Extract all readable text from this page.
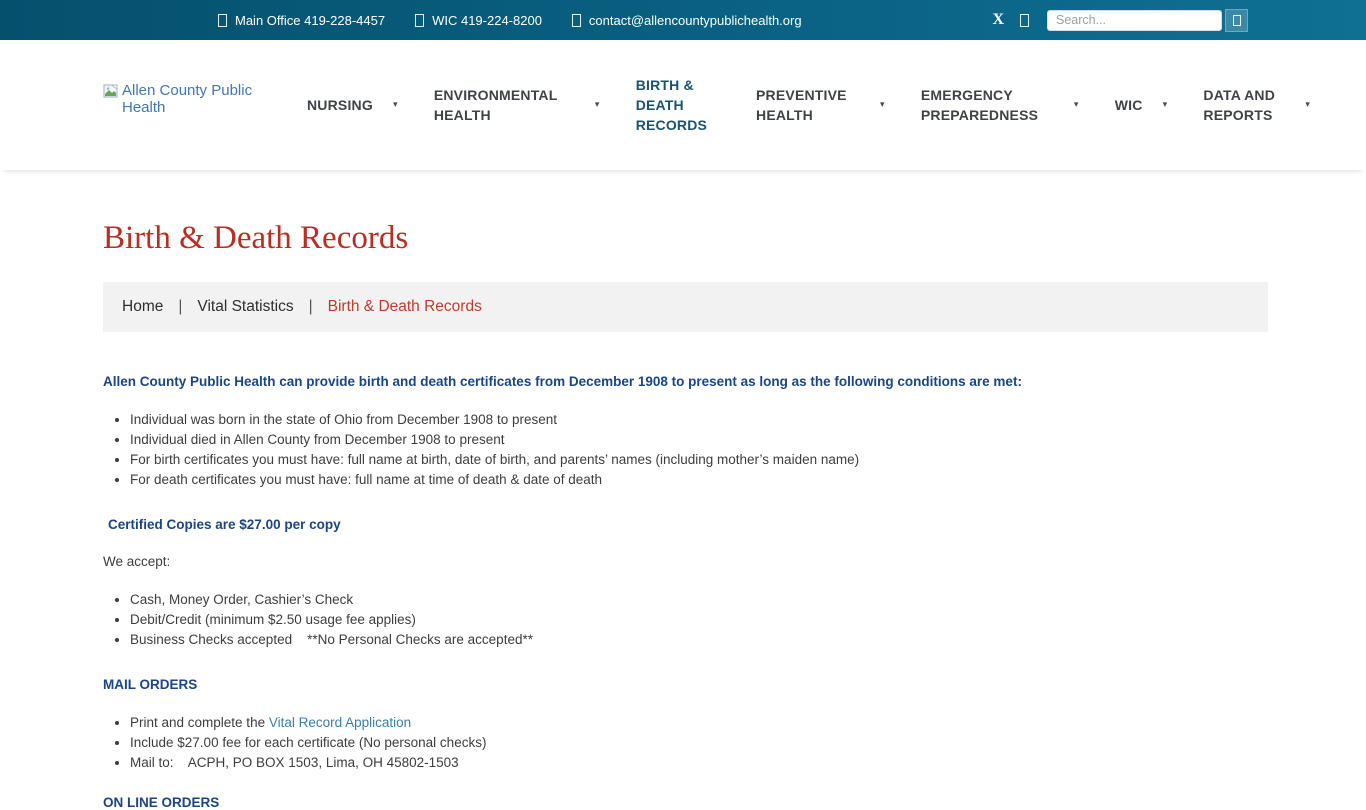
Main Office 419-228-4457	WIC 419-224-8200	contact@allencountypublichealth.org	X
Search...
Allen County Public Health	NURSING ▾
ENVIRONMENTAL HEALTH
▾
BIRTH & DEATH RECORDS
PREVENTIVE HEALTH
▾
EMERGENCY PREPAREDNESS
▾	WIC ▾
DATA AND REPORTS
▾
Birth & Death Records
Home | Vital Statistics | Birth & Death Records

Allen County Public Health can provide birth and death certificates from December 1908 to present as long as the following conditions are met:

• Individual was born in the state of Ohio from December 1908 to present
• Individual died in Allen County from December 1908 to present
• For birth certificates you must have: full name at birth, date of birth, and parents’ names (including mother’s maiden name)
• For death certificates you must have: full name at time of death & date of death

Certified Copies are $27.00 per copy

We accept:

• Cash, Money Order, Cashier’s Check
• Debit/Credit (minimum $2.50 usage fee applies)
• Business Checks accepted    **No Personal Checks are accepted**

MAIL ORDERS

• Print and complete the Vital Record Application
• Include $27.00 fee for each certificate (No personal checks)
• Mail to:    ACPH, PO BOX 1503, Lima, OH 45802-1503

ON LINE ORDERS
